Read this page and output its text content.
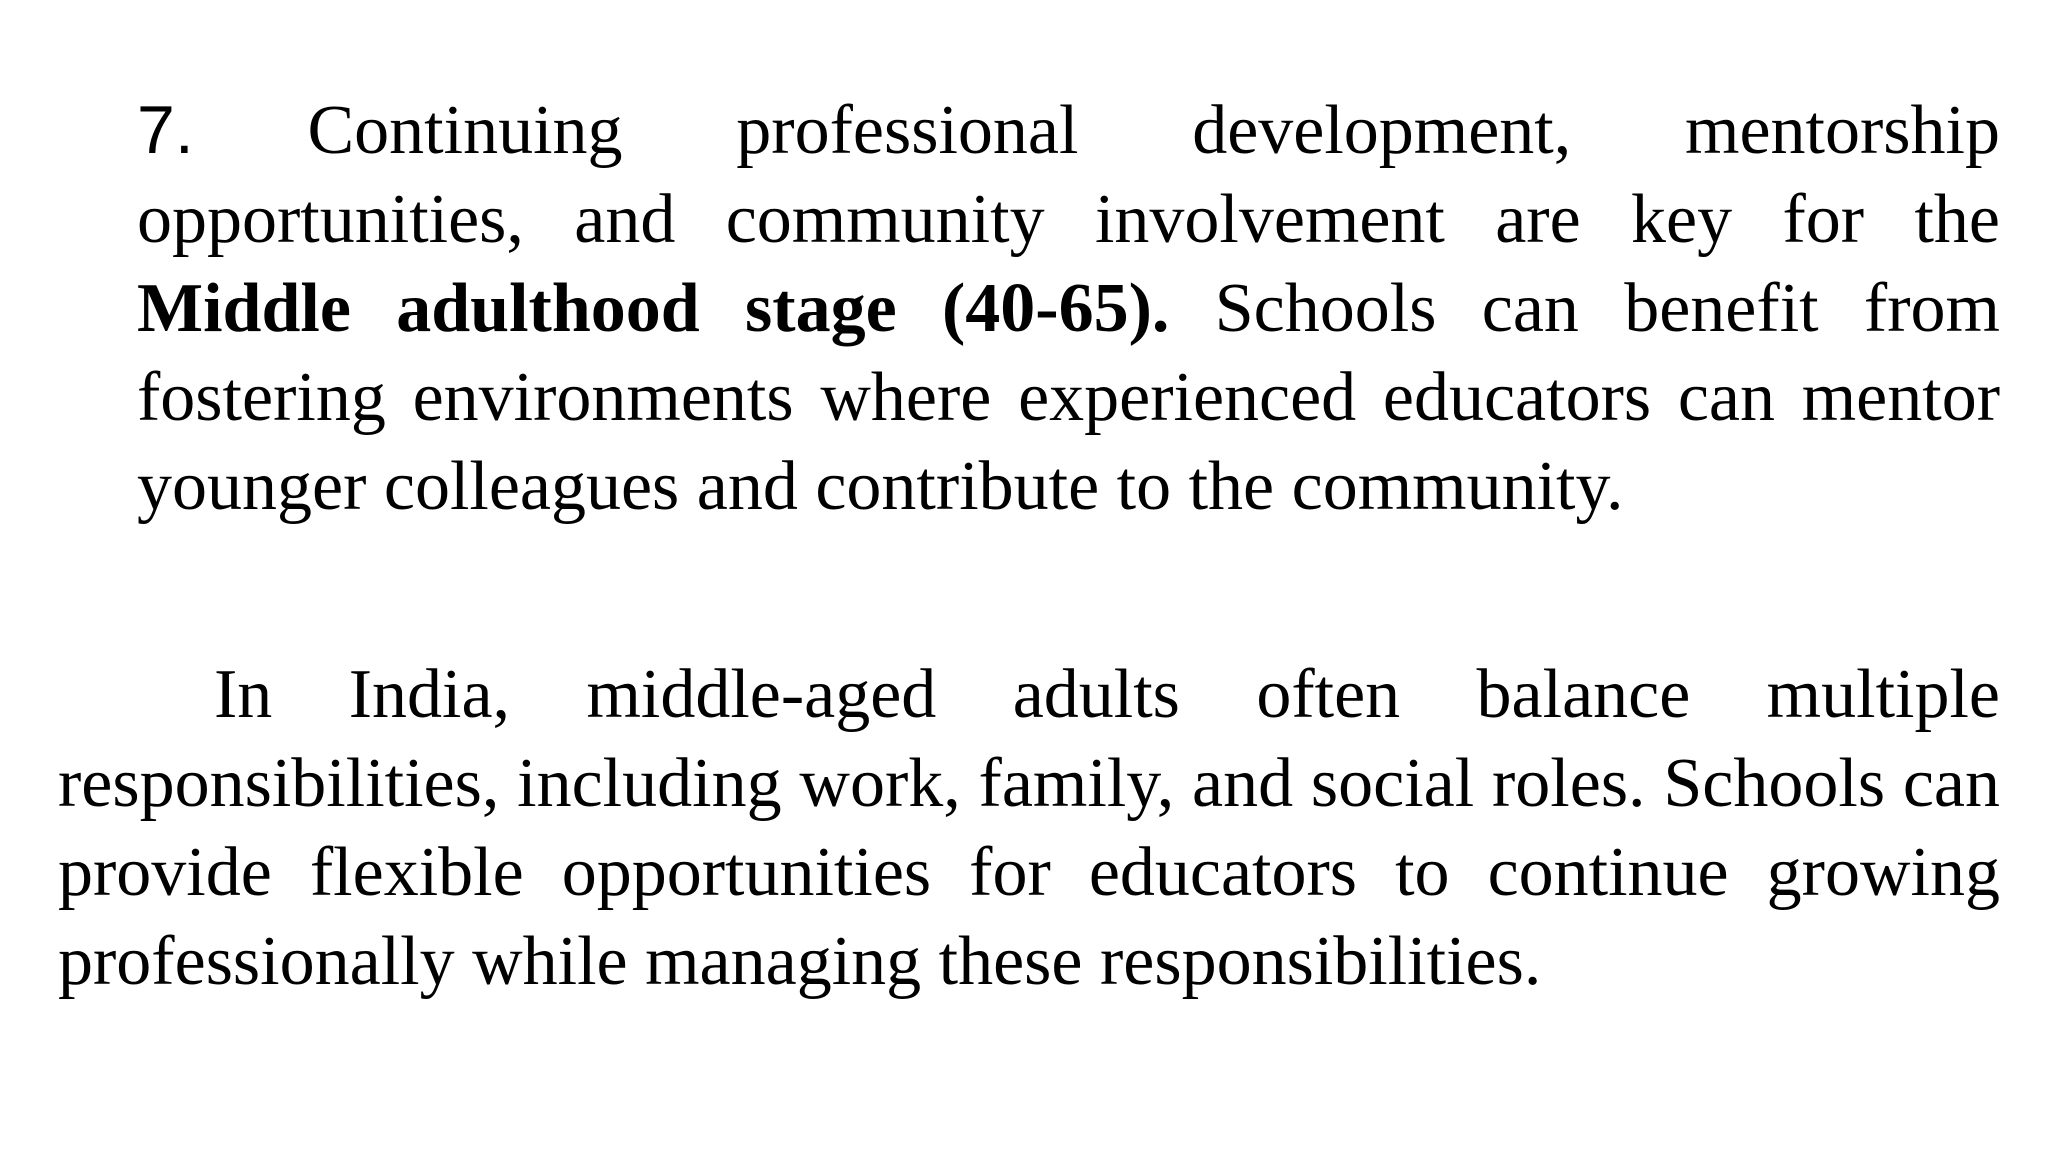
7. Continuing professional development, mentorship opportunities, and community involvement are key for the Middle adulthood stage (40-65). Schools can benefit from fostering environments where experienced educators can mentor younger colleagues and contribute to the community.

In India, middle-aged adults often balance multiple responsibilities, including work, family, and social roles. Schools can provide flexible opportunities for educators to continue growing professionally while managing these responsibilities.
